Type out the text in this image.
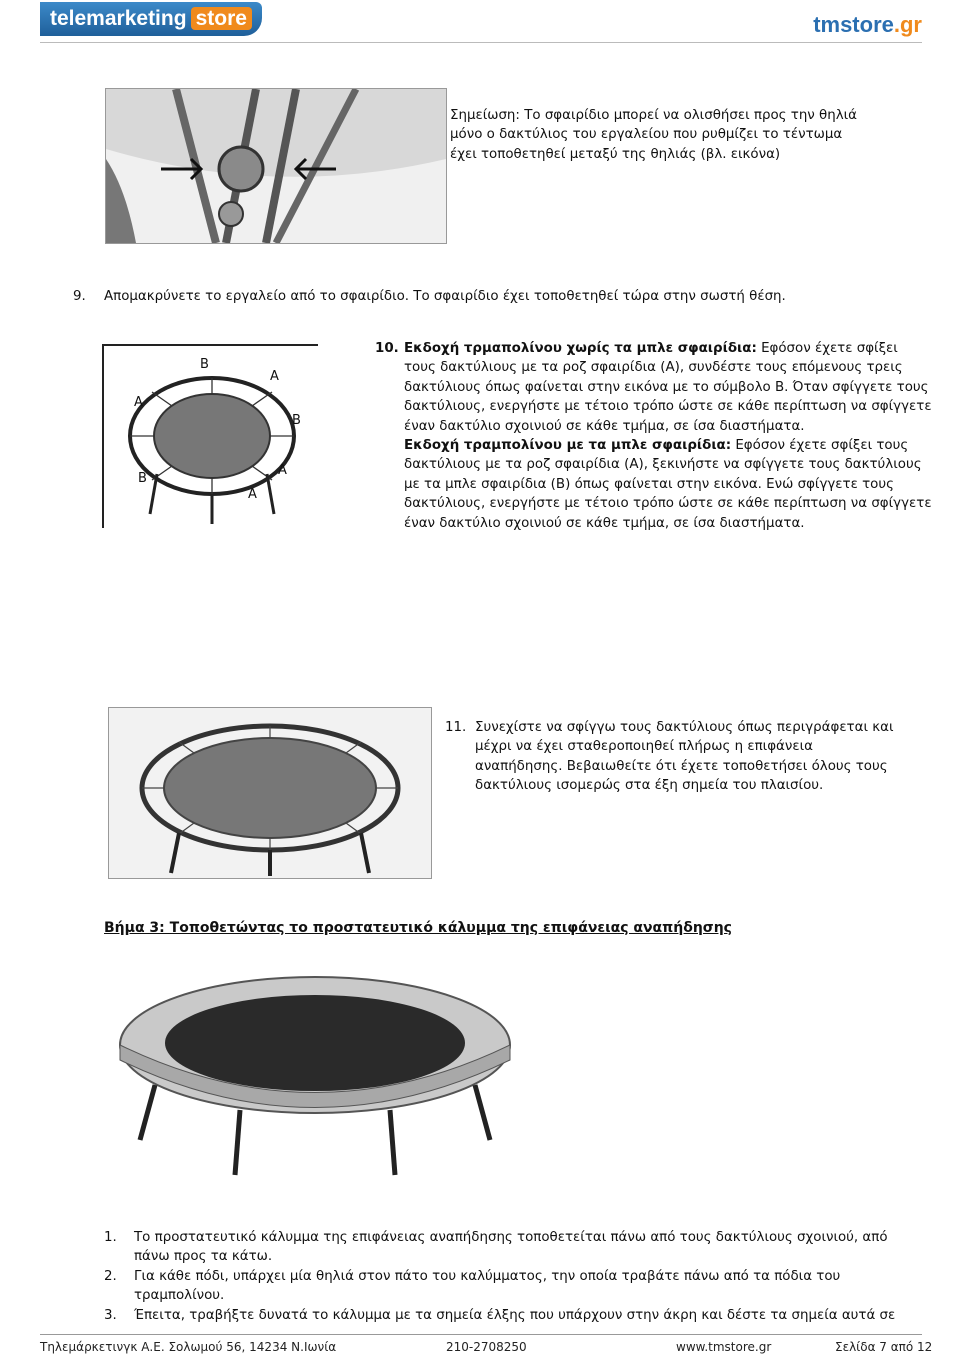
telemarketing store	tmstore.gr
Σημείωση: Το σφαιρίδιο μπορεί να ολισθήσει προς την θηλιά
μόνο ο δακτύλιος του εργαλείου που ρυθμίζει το τέντωμα
έχει τοποθετηθεί μεταξύ της θηλιάς (βλ. εικόνα)
9. Απομακρύνετε το εργαλείο από το σφαιρίδιο. Το σφαιρίδιο έχει τοποθετηθεί τώρα στην σωστή θέση.
B
A
A
B
A
B
A
10. Εκδοχή τρμαπολίνου χωρίς τα μπλε σφαιρίδια: Εφόσον έχετε σφίξει
τους δακτύλιους με τα ροζ σφαιρίδια (A), συνδέστε τους επόμενους τρεις
δακτύλιους όπως φαίνεται στην εικόνα με το σύμβολο B. Όταν σφίγγετε τους
δακτύλιους, ενεργήστε με τέτοιο τρόπο ώστε σε κάθε περίπτωση να σφίγγετε
έναν δακτύλιο σχοινιού σε κάθε τμήμα, σε ίσα διαστήματα.
Εκδοχή τραμπολίνου με τα μπλε σφαιρίδια: Εφόσον έχετε σφίξει τους
δακτύλιους με τα ροζ σφαιρίδια (A), ξεκινήστε να σφίγγετε τους δακτύλιους
με τα μπλε σφαιρίδια (B) όπως φαίνεται στην εικόνα. Ενώ σφίγγετε τους
δακτύλιους, ενεργήστε με τέτοιο τρόπο ώστε σε κάθε περίπτωση να σφίγγετε
έναν δακτύλιο σχοινιού σε κάθε τμήμα, σε ίσα διαστήματα.
11. Συνεχίστε να σφίγγω τους δακτύλιους όπως περιγράφεται και
μέχρι να έχει σταθεροποιηθεί πλήρως η επιφάνεια
αναπήδησης. Βεβαιωθείτε ότι έχετε τοποθετήσει όλους τους
δακτύλιους ισομερώς στα έξη σημεία του πλαισίου.
Βήμα 3: Τοποθετώντας το προστατευτικό κάλυμμα της επιφάνειας αναπήδησης
1.	Το προστατευτικό κάλυμμα της επιφάνειας αναπήδησης τοποθετείται πάνω από τους δακτύλιους σχοινιού, από
πάνω προς τα κάτω.
2.	Για κάθε πόδι, υπάρχει μία θηλιά στον πάτο του καλύμματος, την οποία τραβάτε πάνω από τα πόδια του
τραμπολίνου.
3.	Έπειτα, τραβήξτε δυνατά το κάλυμμα με τα σημεία έλξης που υπάρχουν στην άκρη και δέστε τα σημεία αυτά σε
Τηλεμάρκετινγκ Α.Ε. Σολωμού 56, 14234 Ν.Ιωνία	210-2708250	www.tmstore.gr	Σελίδα 7 από 12
